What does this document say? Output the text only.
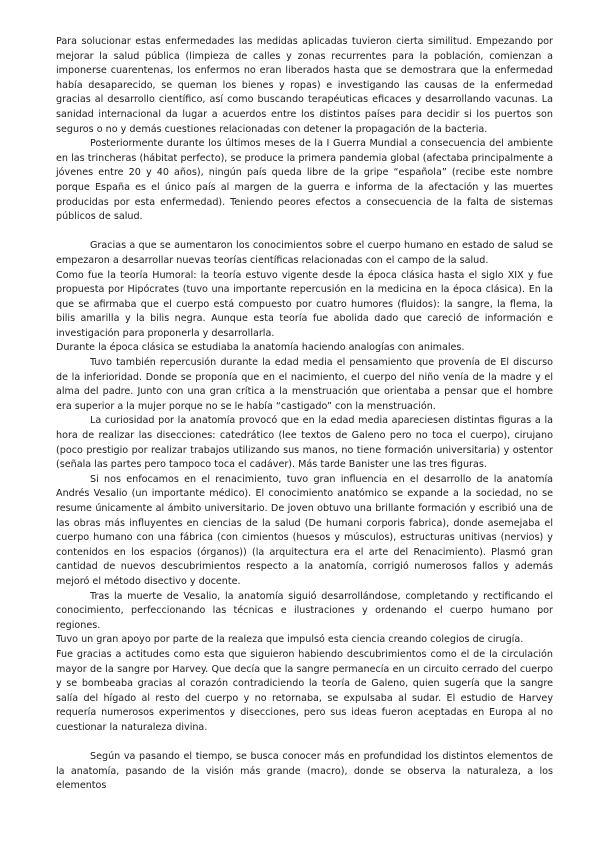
Para solucionar estas enfermedades las medidas aplicadas tuvieron cierta similitud. Empezando por mejorar la salud pública (limpieza de calles y zonas recurrentes para la población, comienzan a imponerse cuarentenas, los enfermos no eran liberados hasta que se demostrara que la enfermedad había desaparecido, se queman los bienes y ropas) e investigando las causas de la enfermedad gracias al desarrollo científico, así como buscando terapéuticas eficaces y desarrollando vacunas. La sanidad internacional da lugar a acuerdos entre los distintos países para decidir si los puertos son seguros o no y demás cuestiones relacionadas con detener la propagación de la bacteria.

Posteriormente durante los últimos meses de la I Guerra Mundial a consecuencia del ambiente en las trincheras (hábitat perfecto), se produce la primera pandemia global (afectaba principalmente a jóvenes entre 20 y 40 años), ningún país queda libre de la gripe “española” (recibe este nombre porque España es el único país al margen de la guerra e informa de la afectación y las muertes producidas por esta enfermedad). Teniendo peores efectos a consecuencia de la falta de sistemas públicos de salud.

Gracias a que se aumentaron los conocimientos sobre el cuerpo humano en estado de salud se empezaron a desarrollar nuevas teorías científicas relacionadas con el campo de la salud.

Como fue la teoría Humoral: la teoría estuvo vigente desde la época clásica hasta el siglo XIX y fue propuesta por Hipócrates (tuvo una importante repercusión en la medicina en la época clásica). En la que se afirmaba que el cuerpo está compuesto por cuatro humores (fluidos): la sangre, la flema, la bilis amarilla y la bilis negra. Aunque esta teoría fue abolida dado que careció de información e investigación para proponerla y desarrollarla.

Durante la época clásica se estudiaba la anatomía haciendo analogías con animales.

Tuvo también repercusión durante la edad media el pensamiento que provenía de El discurso de la inferioridad. Donde se proponía que en el nacimiento, el cuerpo del niño venía de la madre y el alma del padre. Junto con una gran crítica a la menstruación que orientaba a pensar que el hombre era superior a la mujer porque no se le había “castigado” con la menstruación.

La curiosidad por la anatomía provocó que en la edad media apareciesen distintas figuras a la hora de realizar las disecciones: catedrático (lee textos de Galeno pero no toca el cuerpo), cirujano (poco prestigio por realizar trabajos utilizando sus manos, no tiene formación universitaria) y ostentor (señala las partes pero tampoco toca el cadáver). Más tarde Banister une las tres figuras.

Si nos enfocamos en el renacimiento, tuvo gran influencia en el desarrollo de la anatomía Andrés Vesalio (un importante médico). El conocimiento anatómico se expande a la sociedad, no se resume únicamente al ámbito universitario. De joven obtuvo una brillante formación y escribió una de las obras más influyentes en ciencias de la salud (De humani corporis fabrica), donde asemejaba el cuerpo humano con una fábrica (con cimientos (huesos y músculos), estructuras unitivas (nervios) y contenidos en los espacios (órganos)) (la arquitectura era el arte del Renacimiento). Plasmó gran cantidad de nuevos descubrimientos respecto a la anatomía, corrigió numerosos fallos y además mejoró el método disectivo y docente.

Tras la muerte de Vesalio, la anatomía siguió desarrollándose, completando y rectificando el conocimiento, perfeccionando las técnicas e ilustraciones y ordenando el cuerpo humano por regiones.

Tuvo un gran apoyo por parte de la realeza que impulsó esta ciencia creando colegios de cirugía.

Fue gracias a actitudes como esta que siguieron habiendo descubrimientos como el de la circulación mayor de la sangre por Harvey. Que decía que la sangre permanecía en un circuito cerrado del cuerpo y se bombeaba gracias al corazón contradiciendo la teoría de Galeno, quien sugería que la sangre salía del hígado al resto del cuerpo y no retornaba, se expulsaba al sudar. El estudio de Harvey requería numerosos experimentos y disecciones, pero sus ideas fueron aceptadas en Europa al no cuestionar la naturaleza divina.

Según va pasando el tiempo, se busca conocer más en profundidad los distintos elementos de la anatomía, pasando de la visión más grande (macro), donde se observa la naturaleza, a los elementos
